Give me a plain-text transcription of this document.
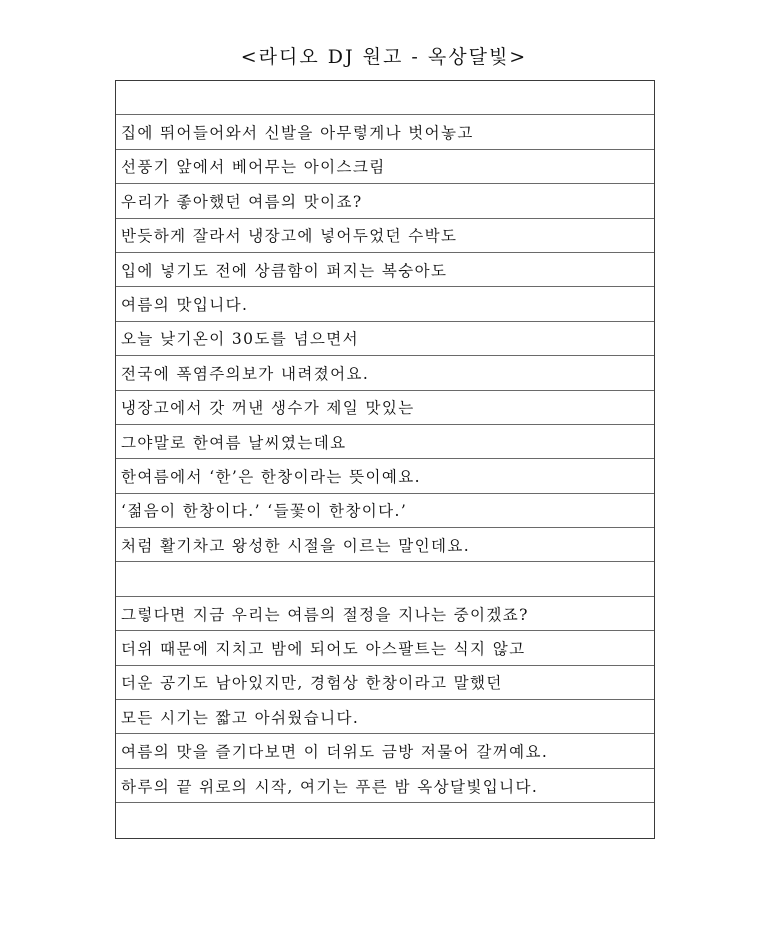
<라디오 DJ 원고 - 옥상달빛>
집에 뛰어들어와서 신발을 아무렇게나 벗어놓고
선풍기 앞에서 베어무는 아이스크림
우리가 좋아했던 여름의 맛이죠?
반듯하게 잘라서 냉장고에 넣어두었던 수박도
입에 넣기도 전에 상큼함이 퍼지는 복숭아도
여름의 맛입니다.
오늘 낮기온이 30도를 넘으면서
전국에 폭염주의보가 내려졌어요.
냉장고에서 갓 꺼낸 생수가 제일 맛있는
그야말로 한여름 날씨였는데요
한여름에서 ‘한’은 한창이라는 뜻이예요.
‘젊음이 한창이다.’ ‘들꽃이 한창이다.’
처럼 활기차고 왕성한 시절을 이르는 말인데요.
그렇다면 지금 우리는 여름의 절정을 지나는 중이겠죠?
더위 때문에 지치고 밤에 되어도 아스팔트는 식지 않고
더운 공기도 남아있지만, 경험상 한창이라고 말했던
모든 시기는 짧고 아쉬웠습니다.
여름의 맛을 즐기다보면 이 더위도 금방 저물어 갈꺼예요.
하루의 끝 위로의 시작, 여기는 푸른 밤 옥상달빛입니다.
